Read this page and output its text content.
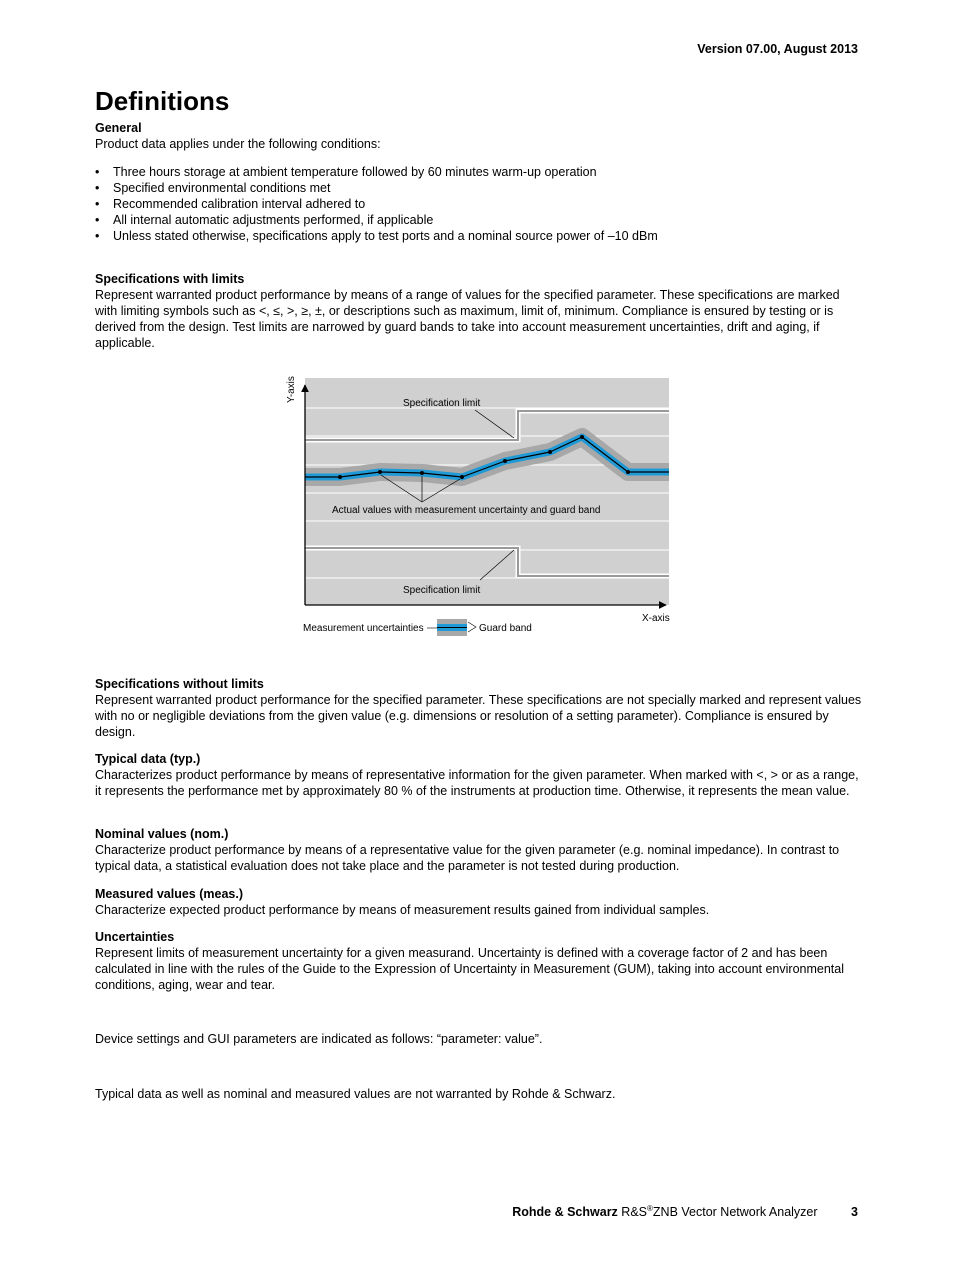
Version 07.00, August 2013
Definitions

General

Product data applies under the following conditions:

• Three hours storage at ambient temperature followed by 60 minutes warm-up operation
• Specified environmental conditions met
• Recommended calibration interval adhered to
• All internal automatic adjustments performed, if applicable
• Unless stated otherwise, specifications apply to test ports and a nominal source power of –10 dBm

Specifications with limits

Represent warranted product performance by means of a range of values for the specified parameter. These specifications are marked with limiting symbols such as <, ≤, >, ≥, ±, or descriptions such as maximum, limit of, minimum. Compliance is ensured by testing or is derived from the design. Test limits are narrowed by guard bands to take into account measurement uncertainties, drift and aging, if applicable.

Y-axis
X-axis
Specification limit
Specification limit
Actual values with measurement uncertainty and guard band
Measurement uncertainties	Guard band

Specifications without limits

Represent warranted product performance for the specified parameter. These specifications are not specially marked and represent values with no or negligible deviations from the given value (e.g. dimensions or resolution of a setting parameter). Compliance is ensured by design.

Typical data (typ.)

Characterizes product performance by means of representative information for the given parameter. When marked with <, > or as a range, it represents the performance met by approximately 80 % of the instruments at production time. Otherwise, it represents the mean value.

Nominal values (nom.)

Characterize product performance by means of a representative value for the given parameter (e.g. nominal impedance). In contrast to typical data, a statistical evaluation does not take place and the parameter is not tested during production.

Measured values (meas.)

Characterize expected product performance by means of measurement results gained from individual samples.

Uncertainties

Represent limits of measurement uncertainty for a given measurand. Uncertainty is defined with a coverage factor of 2 and has been calculated in line with the rules of the Guide to the Expression of Uncertainty in Measurement (GUM), taking into account environmental conditions, aging, wear and tear.

Device settings and GUI parameters are indicated as follows: “parameter: value”.
Typical data as well as nominal and measured values are not warranted by Rohde & Schwarz.
Rohde & Schwarz R&S®ZNB Vector Network Analyzer	3
